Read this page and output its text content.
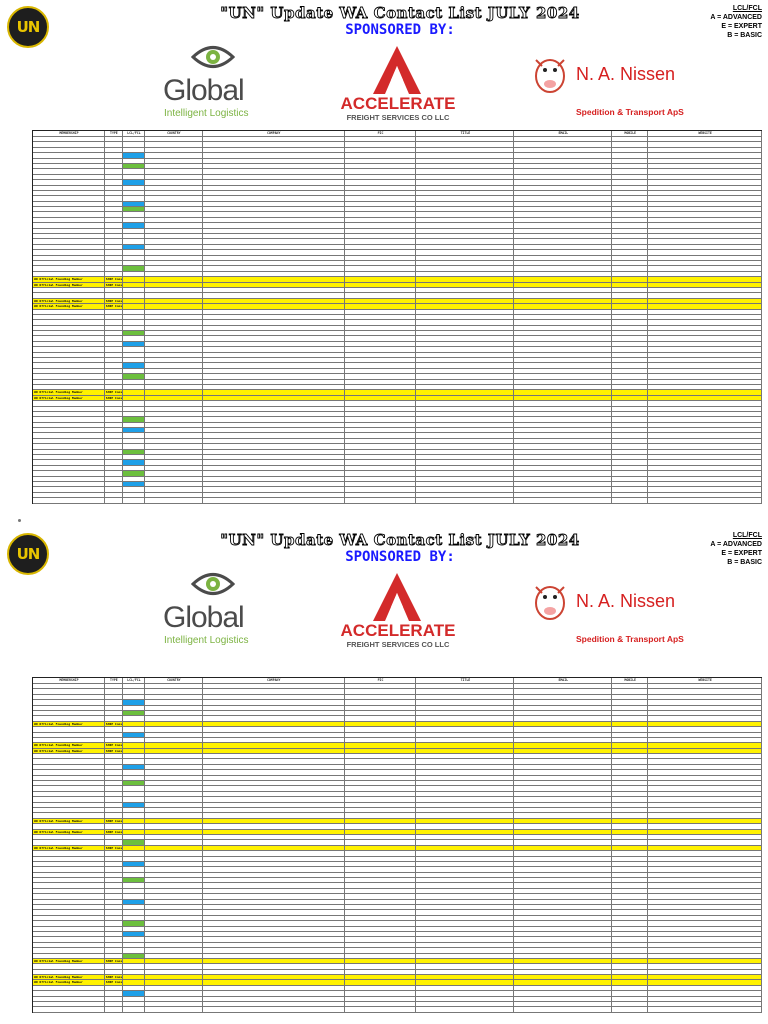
UN
"UN" Update WA Contact List JULY 2024
SPONSORED BY:
LCL/FCL
A = ADVANCED
E = EXPERT
B = BASIC
Global
Intelligent Logistics
ACCELERATE
FREIGHT SERVICES CO LLC
N. A. Nissen
Spedition & Transport ApS
MEMBERSHIP	TYPE	LCL/FCL	COUNTRY	COMPANY	PIC	TITLE	EMAIL	MOBILE	WEBSITE
UN Official Founding Member	SHIP Cons
UN Official Founding Member	SHIP Cons
UN Official Founding Member	SHIP Cons
UN Official Founding Member	SHIP Cons
UN Official Founding Member	SHIP Cons
UN Official Founding Member	SHIP Cons
UN
"UN" Update WA Contact List JULY 2024
SPONSORED BY:
LCL/FCL
A = ADVANCED
E = EXPERT
B = BASIC
Global
Intelligent Logistics
ACCELERATE
FREIGHT SERVICES CO LLC
N. A. Nissen
Spedition & Transport ApS
MEMBERSHIP	TYPE	LCL/FCL	COUNTRY	COMPANY	PIC	TITLE	EMAIL	MOBILE	WEBSITE
UN Official Founding Member	SHIP Cons
UN Official Founding Member	SHIP Cons
UN Official Founding Member	SHIP Cons
UN Official Founding Member	SHIP Cons
UN Official Founding Member	SHIP Cons
UN Official Founding Member	SHIP Cons
UN Official Founding Member	SHIP Cons
UN Official Founding Member	SHIP Cons
UN Official Founding Member	SHIP Cons
